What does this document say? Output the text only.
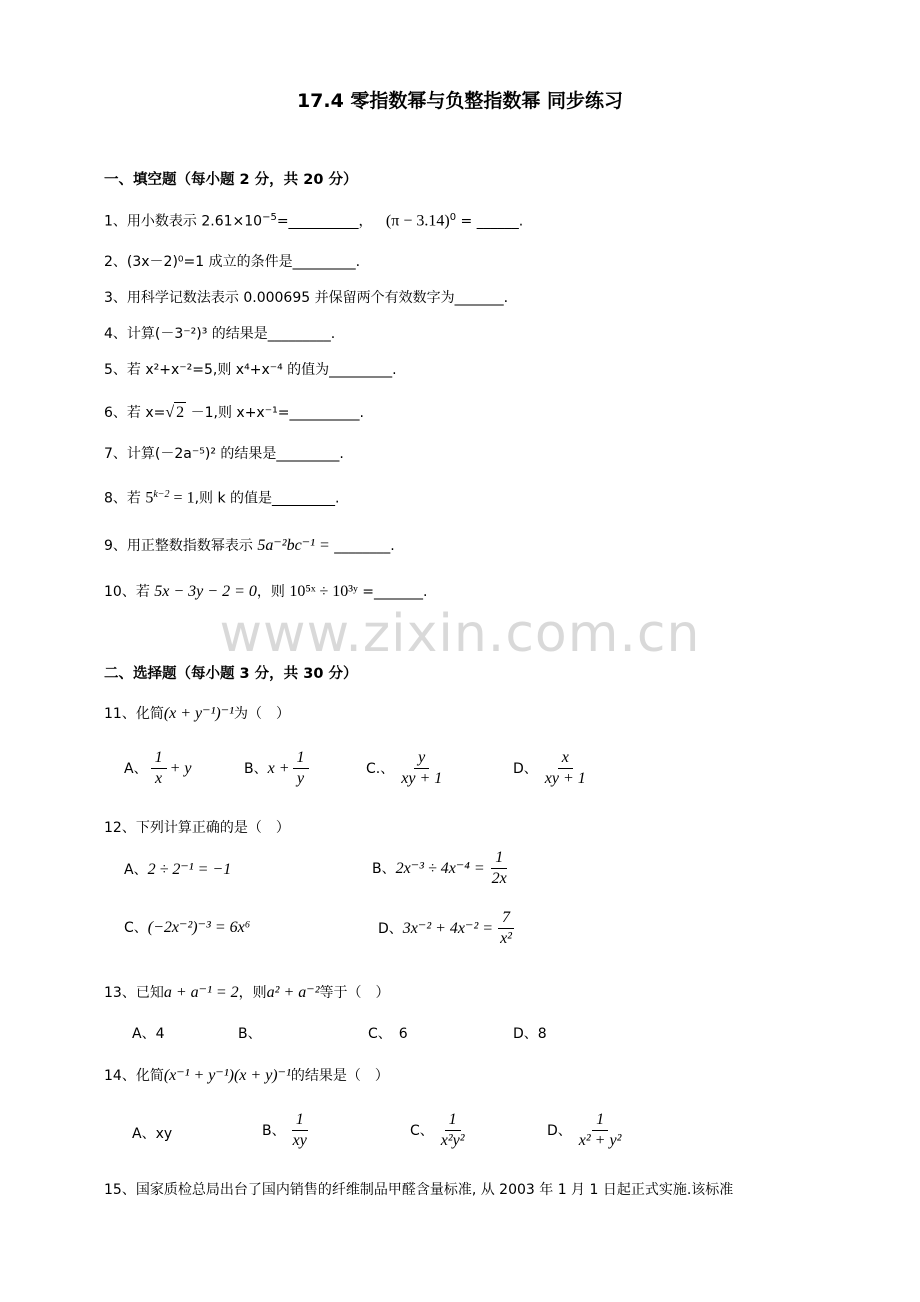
17.4 零指数幂与负整指数幂 同步练习
www.zixin.com.cn
一、填空题（每小题 2 分，共 20 分）
1、用小数表示 $2.61\times 10^{-5}=\_\_\_\_\_\_\_\_\_\_$， $(\pi - 3.14)^0$ = ______.
2、(3x－2)⁰=1 成立的条件是_________.
3、用科学记数法表示 0.000695 并保留两个有效数字为_______.
4、计算(－3⁻²)³ 的结果是_________.
5、若 x²+x⁻²=5,则 x⁴+x⁻⁴ 的值为_________.
6、若 x=√ 2 －1,则 x+x⁻¹=__________.
7、计算(－2a⁻⁵)² 的结果是_________.
8、若 $5^{k-2} = 1$,则 k 的值是_________.
9、用正整数指数幂表示 5a⁻²bc⁻¹ = ________.
10、若 5x − 3y − 2 = 0，则 10⁵ˣ ÷ 10³ʸ =_______.
二、选择题（每小题 3 分，共 30 分）
11、化简(x + y⁻¹)⁻¹为（　）
A、 $\frac{1}{x} + y$	B、 $x + \frac{1}{y}$	C.、 $\frac{y}{xy + 1}$	D、 $\frac{x}{xy + 1}$
12、下列计算正确的是（　）
A、 2 ÷ 2⁻¹ = −1	B、 $2x^{-3} \div 4x^{-4} = \frac{1}{2x}$
C、 (−2x⁻²)⁻³ = 6x⁶	D、 $3x^{-2} + 4x^{-2} = \frac{7}{\text{x²}}$
13、已知a + a⁻¹ = 2，则a² + a⁻²等于（　）
A、4	B、	C、　6	D、8
14、化简(x⁻¹ + y⁻¹)(x + y)⁻¹的结果是（　）
A、xy	B、 $\frac{1}{xy}$	C、 $\frac{1}{\text{x²y²}}$	D、 $\frac{1}{\text{x² + y²}}$
15、国家质检总局出台了国内销售的纤维制品甲醛含量标准, 从 2003 年 1 月 1 日起正式实施.该标准
